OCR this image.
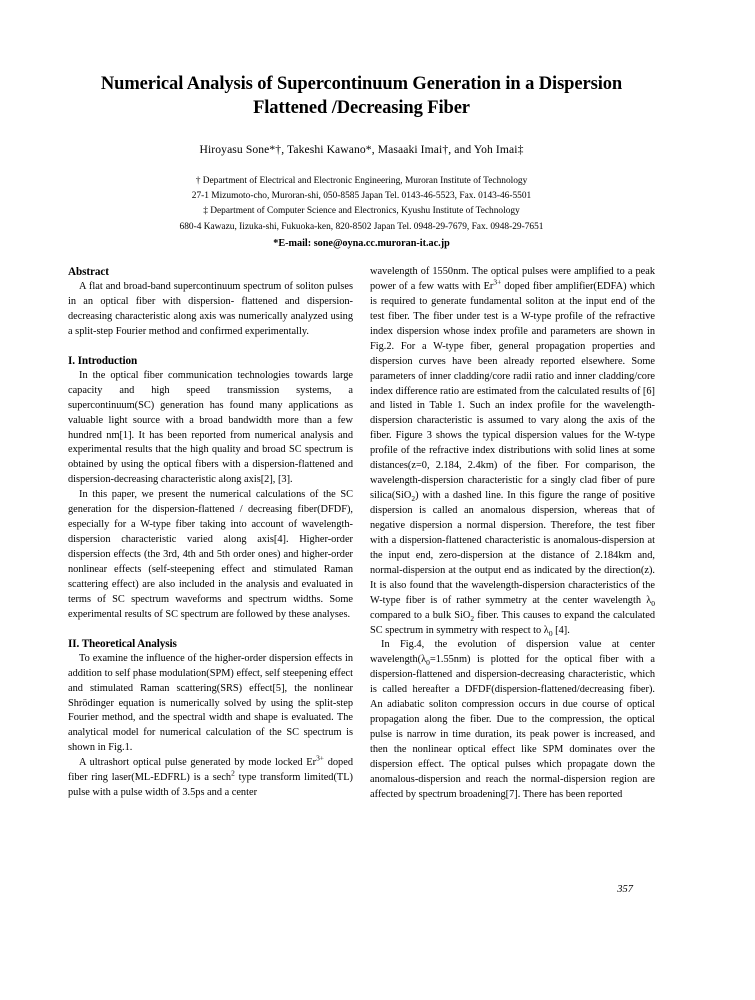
Numerical Analysis of Supercontinuum Generation in a Dispersion Flattened /Decreasing Fiber
Hiroyasu Sone*†, Takeshi Kawano*, Masaaki Imai†, and Yoh Imai‡
† Department of Electrical and Electronic Engineering, Muroran Institute of Technology
27-1 Mizumoto-cho, Muroran-shi, 050-8585 Japan Tel. 0143-46-5523, Fax. 0143-46-5501
‡ Department of Computer Science and Electronics, Kyushu Institute of Technology
680-4 Kawazu, Iizuka-shi, Fukuoka-ken, 820-8502 Japan Tel. 0948-29-7679, Fax. 0948-29-7651
*E-mail: sone@oyna.cc.muroran-it.ac.jp
Abstract

A flat and broad-band supercontinuum spectrum of soliton pulses in an optical fiber with dispersion- flattened and dispersion-decreasing characteristic along axis was numerically analyzed using a split-step Fourier method and confirmed experimentally.

I. Introduction

In the optical fiber communication technologies towards large capacity and high speed transmission systems, a supercontinuum(SC) generation has found many applications as valuable light source with a broad bandwidth more than a few hundred nm[1]. It has been reported from numerical analysis and experimental results that the high quality and broad SC spectrum is obtained by using the optical fibers with a dispersion-flattened and dispersion-decreasing characteristic along axis[2], [3].

In this paper, we present the numerical calculations of the SC generation for the dispersion-flattened / decreasing fiber(DFDF), especially for a W-type fiber taking into account of wavelength-dispersion characteristic varied along axis[4]. Higher-order dispersion effects (the 3rd, 4th and 5th order ones) and higher-order nonlinear effects (self-steepening effect and stimulated Raman scattering effect) are also included in the analysis and evaluated in terms of SC spectrum waveforms and spectrum widths. Some experimental results of SC spectrum are followed by these analyses.

II. Theoretical Analysis

To examine the influence of the higher-order dispersion effects in addition to self phase modulation(SPM) effect, self steepening effect and stimulated Raman scattering(SRS) effect[5], the nonlinear Shrödinger equation is numerically solved by using the split-step Fourier method, and the spectral width and shape is evaluated. The analytical model for numerical calculation of the SC spectrum is shown in Fig.1.

A ultrashort optical pulse generated by mode locked $Er^{3+}$ doped fiber ring laser(ML-EDFRL) is a sech$^2$ type transform limited(TL) pulse with a pulse width of 3.5ps and a center

wavelength of 1550nm. The optical pulses were amplified to a peak power of a few watts with $Er^{3+}$ doped fiber amplifier(EDFA) which is required to generate fundamental soliton at the input end of the test fiber. The fiber under test is a W-type profile of the refractive index dispersion whose index profile and parameters are shown in Fig.2. For a W-type fiber, general propagation properties and dispersion curves have been already reported elsewhere. Some parameters of inner cladding/core radii ratio and inner cladding/core index difference ratio are estimated from the calculated results of [6] and listed in Table 1. Such an index profile for the wavelength-dispersion characteristic is assumed to vary along the axis of the fiber. Figure 3 shows the typical dispersion values for the W-type profile of the refractive index distributions with solid lines at some distances(z=0, 2.184, 2.4km) of the fiber. For comparison, the wavelength-dispersion characteristic for a singly clad fiber of pure silica(SiO$_2$) with a dashed line. In this figure the range of positive dispersion is called an anomalous dispersion, whereas that of negative dispersion a normal dispersion. Therefore, the test fiber with a dispersion-flattened characteristic is anomalous-dispersion at the input end, zero-dispersion at the distance of 2.184km and, normal-dispersion at the output end as indicated by the direction(z). It is also found that the wavelength-dispersion characteristics of the W-type fiber is of rather symmetry at the center wavelength $\lambda_0$ compared to a bulk SiO$_2$ fiber. This causes to expand the calculated SC spectrum in symmetry with respect to $\lambda_0$ [4].

In Fig.4, the evolution of dispersion value at center $wavelength(\lambda_0=1.55nm)$ is plotted for the optical fiber with a dispersion-flattened and dispersion-decreasing characteristic, which is called hereafter a DFDF(dispersion-flattened/decreasing fiber). An adiabatic soliton compression occurs in due course of optical propagation along the fiber. Due to the compression, the optical pulse is narrow in time duration, its peak power is increased, and then the nonlinear optical effect like SPM dominates over the dispersion effect. The optical pulses which propagate down the anomalous-dispersion and reach the normal-dispersion region are affected by spectrum broadening[7]. There has been reported

357
